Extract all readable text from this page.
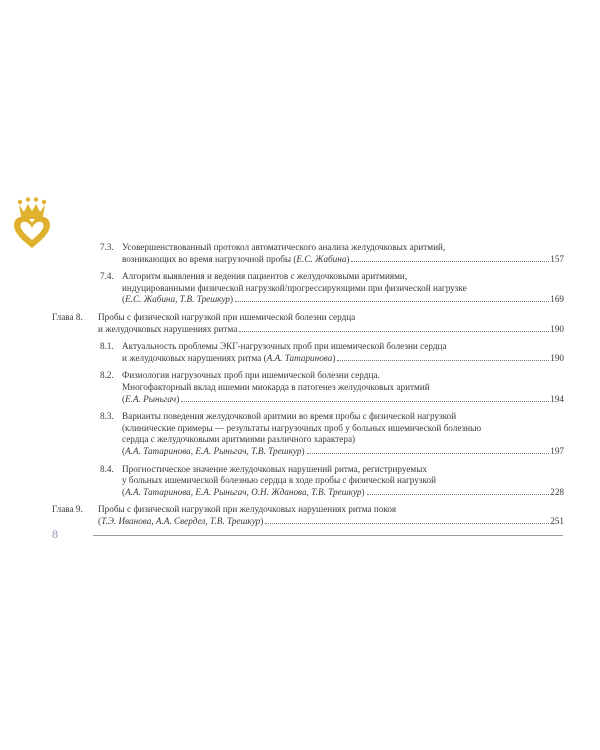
7.3. Усовершенствованный протокол автоматического анализа желудочковых аритмий,
возникающих во время нагрузочной пробы (Е.С. Жабина)	157
7.4. Алгоритм выявления и ведения пациентов с желудочковыми аритмиями,
индуцированными физической нагрузкой/прогрессирующими при физической нагрузке
(Е.С. Жабина, Т.В. Трешкур)	169
Глава 8.	Пробы с физической нагрузкой при ишемической болезни сердца
и желудочковых нарушениях ритма	190
8.1. Актуальность проблемы ЭКГ-нагрузочных проб при ишемической болезни сердца
и желудочковых нарушениях ритма (А.А. Татаринова)	190
8.2. Физиология нагрузочных проб при ишемической болезни сердца.
Многофакторный вклад ишемии миокарда в патогенез желудочковых аритмий
(Е.А. Рыньгач)	194
8.3. Варианты поведения желудочковой аритмии во время пробы с физической нагрузкой
(клинические примеры — результаты нагрузочных проб у больных ишемической болезнью
сердца с желудочковыми аритмиями различного характера)
(А.А. Татаринова, Е.А. Рыньгач, Т.В. Трешкур)	197
8.4. Прогностическое значение желудочковых нарушений ритма, регистрируемых
у больных ишемической болезнью сердца в ходе пробы с физической нагрузкой
(А.А. Татаринова, Е.А. Рыньгач, О.Н. Жданова, Т.В. Трешкур)	228
Глава 9.	Пробы с физической нагрузкой при желудочковых нарушениях ритма покоя
(Т.Э. Иванова, А.А. Свердел, Т.В. Трешкур)	251
8
